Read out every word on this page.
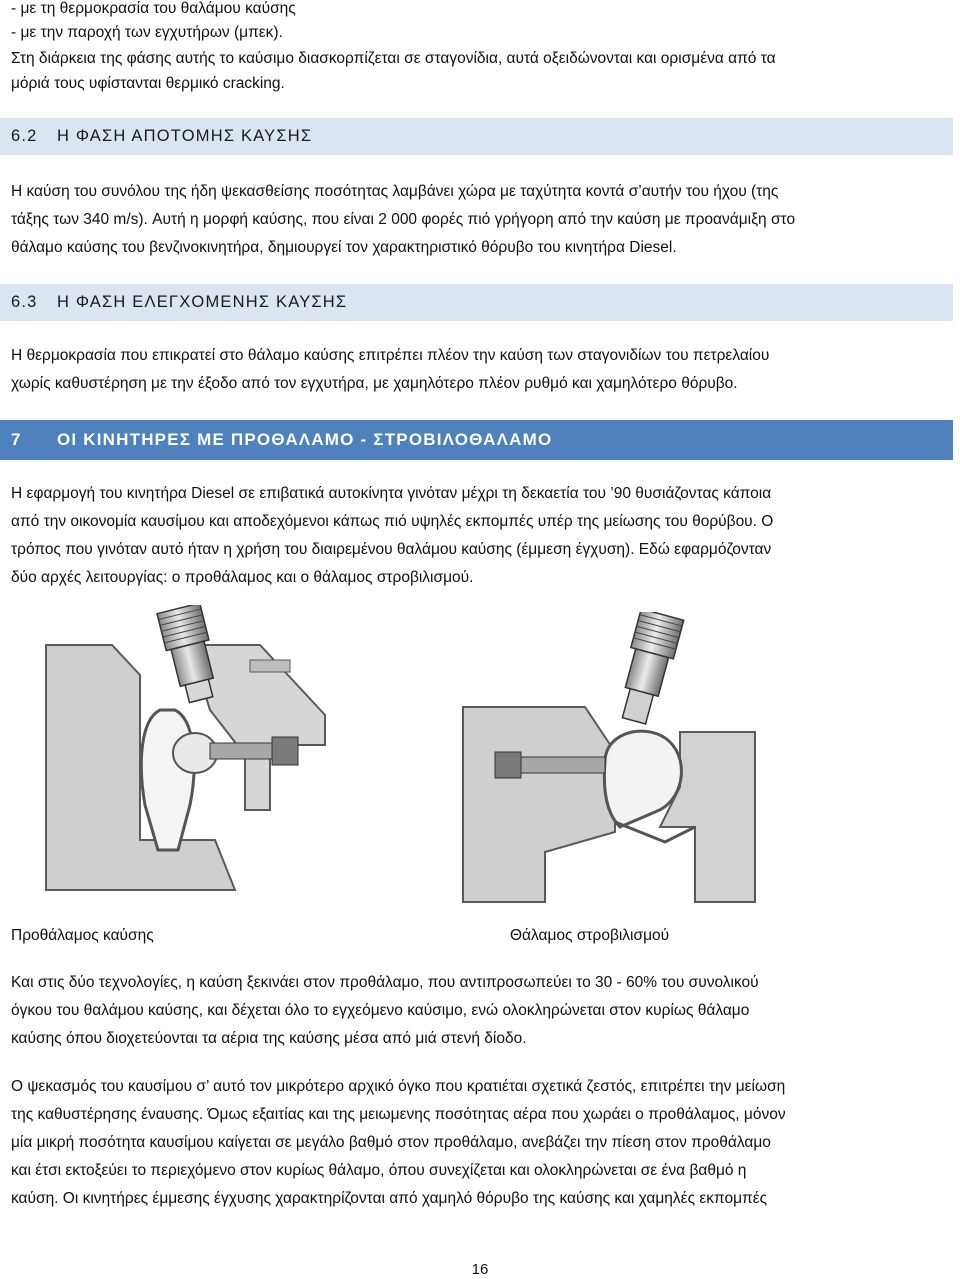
- με τη θερμοκρασία του θαλάμου καύσης

- με την παροχή των εγχυτήρων (μπεκ).

Στη διάρκεια της φάσης αυτής το καύσιμο διασκορπίζεται σε σταγονίδια, αυτά οξειδώνονται και ορισμένα από τα

μόριά τους υφίστανται θερμικό cracking.

6.2 Η ΦΑΣΗ ΑΠΟΤΟΜΗΣ ΚΑΥΣΗΣ

Η καύση του συνόλου της ήδη ψεκασθείσης ποσότητας λαμβάνει χώρα με ταχύτητα κοντά σ’αυτήν του ήχου (της

τάξης των 340 m/s). Αυτή η μορφή καύσης, που είναι 2 000 φορές πιό γρήγορη από την καύση με προανάμιξη στο

θάλαμο καύσης του βενζινοκινητήρα, δημιουργεί τον χαρακτηριστικό θόρυβο του κινητήρα Diesel.

6.3 Η ΦΑΣΗ ΕΛΕΓΧΟΜΕΝΗΣ ΚΑΥΣΗΣ

Η θερμοκρασία που επικρατεί στο θάλαμο καύσης επιτρέπει πλέον την καύση των σταγονιδίων του πετρελαίου

χωρίς καθυστέρηση με την έξοδο από τον εγχυτήρα, με χαμηλότερο πλέον ρυθμό και χαμηλότερο θόρυβο.

7 ΟΙ ΚΙΝΗΤΗΡΕΣ ΜΕ ΠΡΟΘΑΛΑΜΟ - ΣΤΡΟΒΙΛΟΘΑΛΑΜΟ

Η εφαρμογή του κινητήρα Diesel σε επιβατικά αυτοκίνητα γινόταν μέχρι τη δεκαετία του ’90 θυσιάζοντας κάποια

από την οικονομία καυσίμου και αποδεχόμενοι κάπως πιό υψηλές εκπομπές υπέρ της μείωσης του θορύβου. Ο

τρόπος που γινόταν αυτό ήταν η χρήση του διαιρεμένου θαλάμου καύσης (έμμεση έγχυση). Εδώ εφαρμόζονταν

δύο αρχές λειτουργίας: ο προθάλαμος και ο θάλαμος στροβιλισμού.

Προθάλαμος καύσης	Θάλαμος στροβιλισμού

Και στις δύο τεχνολογίες, η καύση ξεκινάει στον προθάλαμο, που αντιπροσωπεύει το 30 - 60% του συνολικού

όγκου του θαλάμου καύσης, και δέχεται όλο το εγχεόμενο καύσιμο, ενώ ολοκληρώνεται στον κυρίως θάλαμο

καύσης όπου διοχετεύονται τα αέρια της καύσης μέσα από μιά στενή δίοδο.

Ο ψεκασμός του καυσίμου σ’ αυτό τον μικρότερο αρχικό όγκο που κρατιέται σχετικά ζεστός, επιτρέπει την μείωση

της καθυστέρησης έναυσης. Όμως εξαιτίας και της μειωμενης ποσότητας αέρα που χωράει ο προθάλαμος, μόνον

μία μικρή ποσότητα καυσίμου καίγεται σε μεγάλο βαθμό στον προθάλαμο, ανεβάζει την πίεση στον προθάλαμο

και έτσι εκτοξεύει το περιεχόμενο στον κυρίως θάλαμο, όπου συνεχίζεται και ολοκληρώνεται σε ένα βαθμό η

καύση. Οι κινητήρες έμμεσης έγχυσης χαρακτηρίζονται από χαμηλό θόρυβο της καύσης και χαμηλές εκπομπές

16
